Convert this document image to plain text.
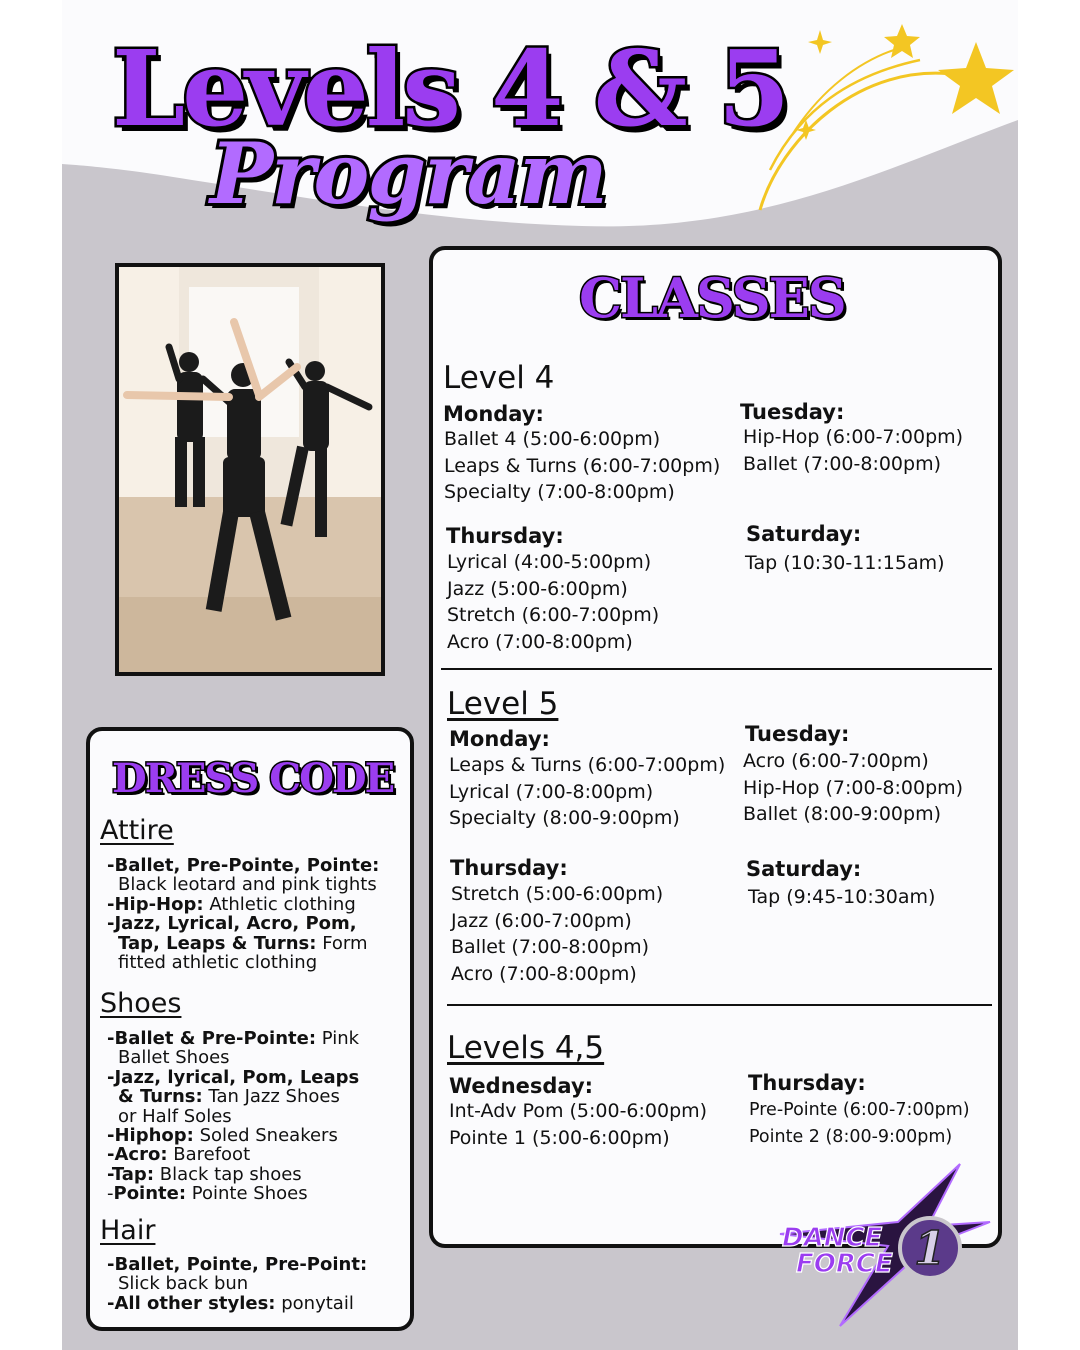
Levels 4 & 5
Program
CLASSES
Level 4
Monday:
Ballet 4 (5:00-6:00pm)
Leaps & Turns (6:00-7:00pm)
Specialty (7:00-8:00pm)
Tuesday:
Hip-Hop (6:00-7:00pm)
Ballet (7:00-8:00pm)
Thursday:
Lyrical (4:00-5:00pm)
Jazz (5:00-6:00pm)
Stretch (6:00-7:00pm)
Acro (7:00-8:00pm)
Saturday:
Tap (10:30-11:15am)
Level 5
Monday:
Leaps & Turns (6:00-7:00pm)
Lyrical (7:00-8:00pm)
Specialty (8:00-9:00pm)
Tuesday:
Acro (6:00-7:00pm)
Hip-Hop (7:00-8:00pm)
Ballet (8:00-9:00pm)
Thursday:
Stretch (5:00-6:00pm)
Jazz (6:00-7:00pm)
Ballet (7:00-8:00pm)
Acro (7:00-8:00pm)
Saturday:
Tap (9:45-10:30am)
Levels 4,5
Wednesday:
Int-Adv Pom (5:00-6:00pm)
Pointe 1 (5:00-6:00pm)
Thursday:
Pre-Pointe (6:00-7:00pm)
Pointe 2 (8:00-9:00pm)
DRESS CODE
Attire
-Ballet, Pre-Pointe, Pointe:
Black leotard and pink tights
-Hip-Hop: Athletic clothing
-Jazz, Lyrical, Acro, Pom,
Tap, Leaps & Turns: Form
fitted athletic clothing
Shoes
-Ballet & Pre-Pointe: Pink
Ballet Shoes
-Jazz, lyrical, Pom, Leaps
& Turns: Tan Jazz Shoes
or Half Soles
-Hiphop: Soled Sneakers
-Acro: Barefoot
-Tap: Black tap shoes
-Pointe: Pointe Shoes
Hair
-Ballet, Pointe, Pre-Point:
Slick back bun
-All other styles: ponytail
1
DANCE
FORCE
